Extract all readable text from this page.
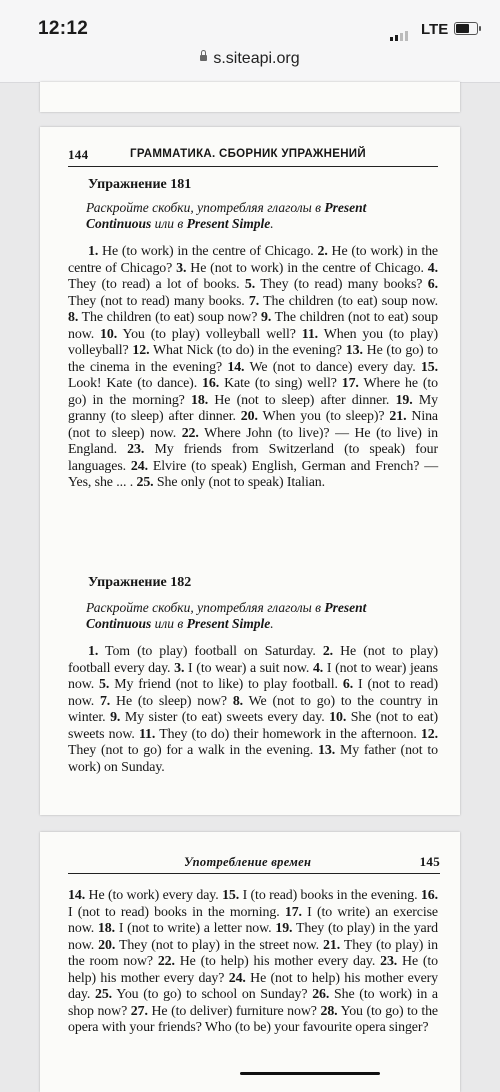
12:12	LTE
s.siteapi.org
144	ГРАММАТИКА. СБОРНИК УПРАЖНЕНИЙ
Упражнение 181
Раскройте скобки, употребляя глаголы в Present Continuous или в Present Simple.
1. He (to work) in the centre of Chicago. 2. He (to work) in the centre of Chicago? 3. He (not to work) in the centre of Chicago. 4. They (to read) a lot of books. 5. They (to read) many books? 6. They (not to read) many books. 7. The children (to eat) soup now. 8. The children (to eat) soup now? 9. The children (not to eat) soup now. 10. You (to play) volleyball well? 11. When you (to play) volleyball? 12. What Nick (to do) in the evening? 13. He (to go) to the cinema in the evening? 14. We (not to dance) every day. 15. Look! Kate (to dance). 16. Kate (to sing) well? 17. Where he (to go) in the morning? 18. He (not to sleep) after dinner. 19. My granny (to sleep) after dinner. 20. When you (to sleep)? 21. Nina (not to sleep) now. 22. Where John (to live)? — He (to live) in England. 23. My friends from Switzerland (to speak) four languages. 24. Elvire (to speak) English, German and French? — Yes, she ... . 25. She only (not to speak) Italian.
Упражнение 182
Раскройте скобки, употребляя глаголы в Present Continuous или в Present Simple.
1. Tom (to play) football on Saturday. 2. He (not to play) football every day. 3. I (to wear) a suit now. 4. I (not to wear) jeans now. 5. My friend (not to like) to play football. 6. I (not to read) now. 7. He (to sleep) now? 8. We (not to go) to the country in winter. 9. My sister (to eat) sweets every day. 10. She (not to eat) sweets now. 11. They (to do) their homework in the afternoon. 12. They (not to go) for a walk in the evening. 13. My father (not to work) on Sunday.
Употребление времен	145
14. He (to work) every day. 15. I (to read) books in the evening. 16. I (not to read) books in the morning. 17. I (to write) an exercise now. 18. I (not to write) a letter now. 19. They (to play) in the yard now. 20. They (not to play) in the street now. 21. They (to play) in the room now? 22. He (to help) his mother every day. 23. He (to help) his mother every day? 24. He (not to help) his mother every day. 25. You (to go) to school on Sunday? 26. She (to work) in a shop now? 27. He (to deliver) furniture now? 28. You (to go) to the opera with your friends? Who (to be) your favourite opera singer?
